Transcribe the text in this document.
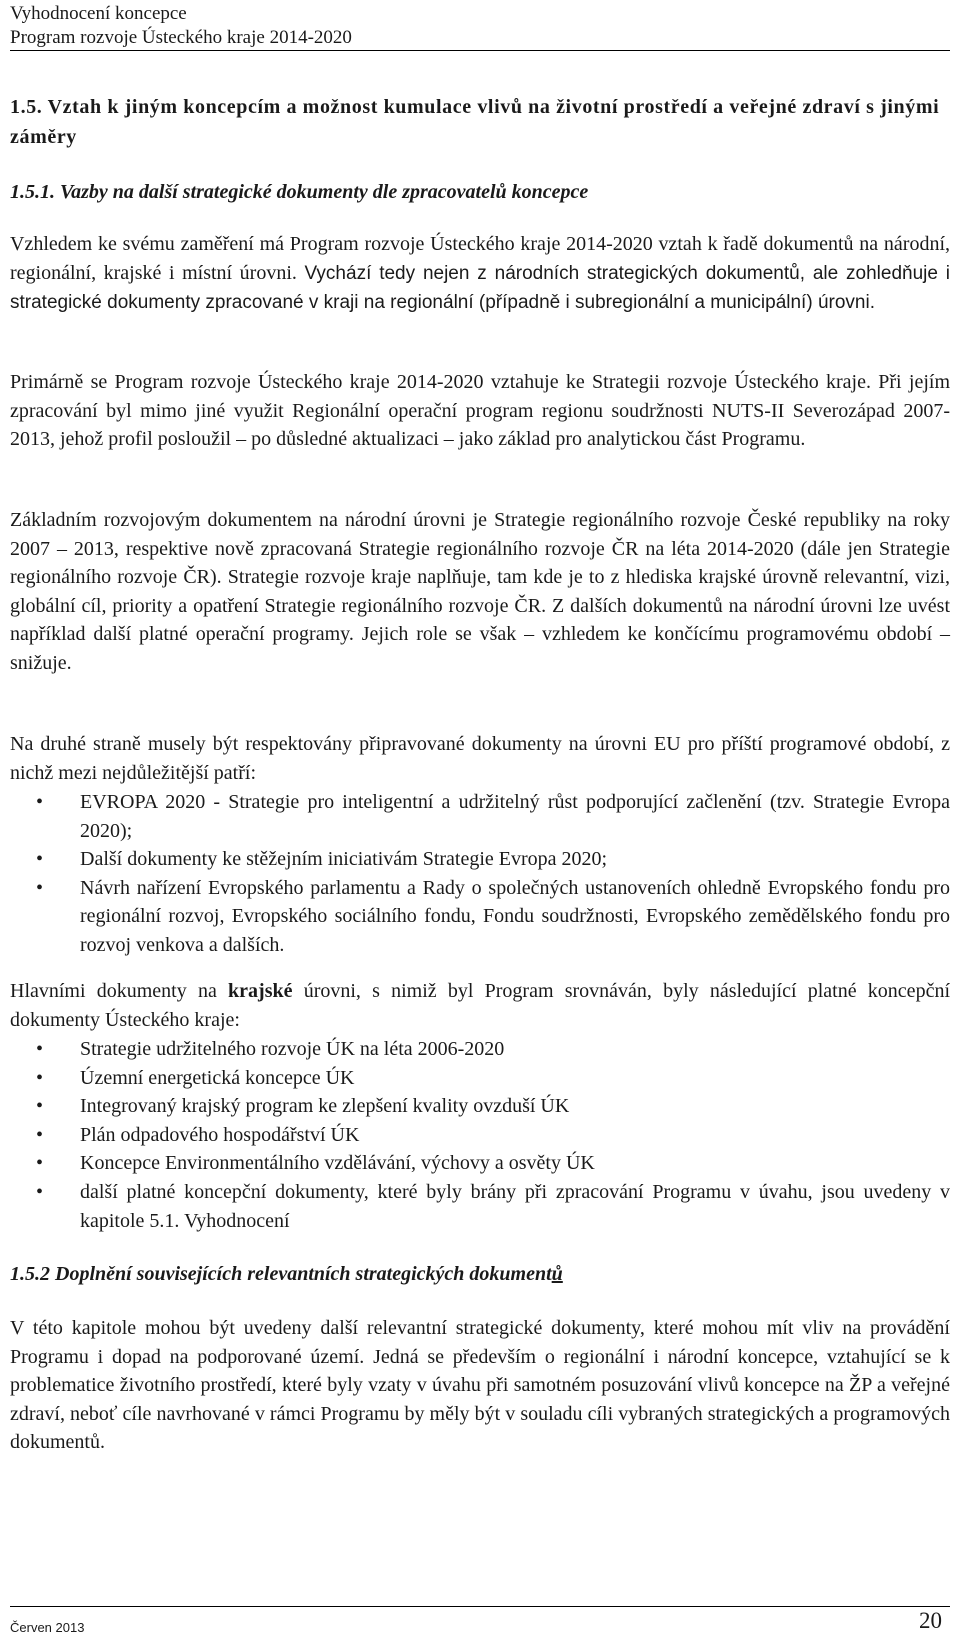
Vyhodnocení koncepce
Program rozvoje Ústeckého kraje 2014-2020
1.5. Vztah k jiným koncepcím a možnost kumulace vlivů na životní prostředí a veřejné zdraví s jinými záměry
1.5.1. Vazby na další strategické dokumenty dle zpracovatelů koncepce

Vzhledem ke svému zaměření má Program rozvoje Ústeckého kraje 2014-2020 vztah k řadě dokumentů na národní, regionální, krajské i místní úrovni. Vychází tedy nejen z národních strategických dokumentů, ale zohledňuje i strategické dokumenty zpracované v kraji na regionální (případně i subregionální a municipální) úrovni.

Primárně se Program rozvoje Ústeckého kraje 2014-2020 vztahuje ke Strategii rozvoje Ústeckého kraje. Při jejím zpracování byl mimo jiné využit Regionální operační program regionu soudržnosti NUTS-II Severozápad 2007-2013, jehož profil posloužil – po důsledné aktualizaci – jako základ pro analytickou část Programu.

Základním rozvojovým dokumentem na národní úrovni je Strategie regionálního rozvoje České republiky na roky 2007 – 2013, respektive nově zpracovaná Strategie regionálního rozvoje ČR na léta 2014-2020 (dále jen Strategie regionálního rozvoje ČR). Strategie rozvoje kraje naplňuje, tam kde je to z hlediska krajské úrovně relevantní, vizi, globální cíl, priority a opatření Strategie regionálního rozvoje ČR. Z dalších dokumentů na národní úrovni lze uvést například další platné operační programy. Jejich role se však – vzhledem ke končícímu programovému období – snižuje.

Na druhé straně musely být respektovány připravované dokumenty na úrovni EU pro příští programové období, z nichž mezi nejdůležitější patří:

• EVROPA 2020 - Strategie pro inteligentní a udržitelný růst podporující začlenění (tzv. Strategie Evropa 2020);
• Další dokumenty ke stěžejním iniciativám Strategie Evropa 2020;
• Návrh nařízení Evropského parlamentu a Rady o společných ustanoveních ohledně Evropského fondu pro regionální rozvoj, Evropského sociálního fondu, Fondu soudržnosti, Evropského zemědělského fondu pro rozvoj venkova a dalších.

Hlavními dokumenty na krajské úrovni, s nimiž byl Program srovnáván, byly následující platné koncepční dokumenty Ústeckého kraje:

• Strategie udržitelného rozvoje ÚK na léta 2006-2020
• Územní energetická koncepce ÚK
• Integrovaný krajský program ke zlepšení kvality ovzduší ÚK
• Plán odpadového hospodářství ÚK
• Koncepce Environmentálního vzdělávání, výchovy a osvěty ÚK
• další platné koncepční dokumenty, které byly brány při zpracování Programu v úvahu, jsou uvedeny v kapitole 5.1. Vyhodnocení
1.5.2 Doplnění souvisejících relevantních strategických dokumentů

V této kapitole mohou být uvedeny další relevantní strategické dokumenty, které mohou mít vliv na provádění Programu i dopad na podporované území. Jedná se především o regionální i národní koncepce, vztahující se k problematice životního prostředí, které byly vzaty v úvahu při samotném posuzování vlivů koncepce na ŽP a veřejné zdraví, neboť cíle navrhované v rámci Programu by měly být v souladu cíli vybraných strategických a programových dokumentů.

Červen 2013	20
